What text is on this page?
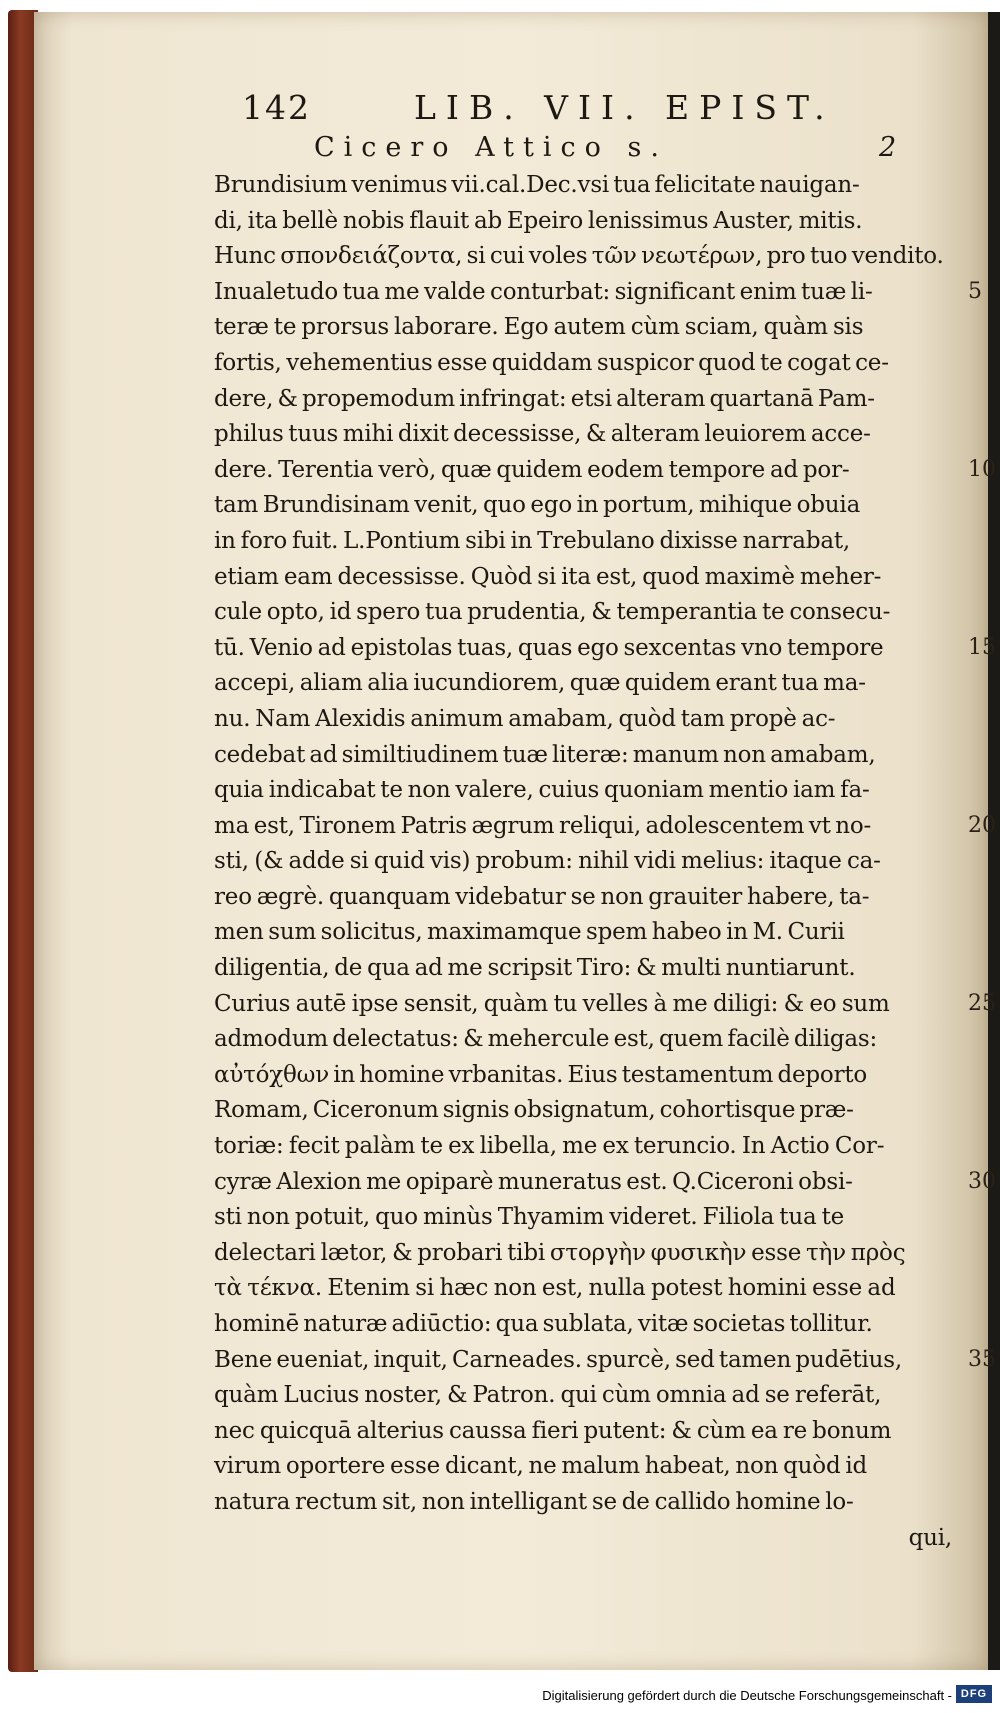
142	LIB. VII. EPIST.
Cicero Attico s.	2
Brundisium venimus vii.cal.Dec.vsi tua felicitate nauigan-
di, ita bellè nobis flauit ab Epeiro lenissimus Auster, mitis.
Hunc σπονδειάζοντα, si cui voles τῶν νεωτέρων, pro tuo vendito.
Inualetudo tua me valde conturbat: significant enim tuæ li-
teræ te prorsus laborare. Ego autem cùm sciam, quàm sis
fortis, vehementius esse quiddam suspicor quod te cogat ce-
dere, & propemodum infringat: etsi alteram quartanā Pam-
philus tuus mihi dixit decessisse, & alteram leuiorem acce-
dere. Terentia verò, quæ quidem eodem tempore ad por-
tam Brundisinam venit, quo ego in portum, mihique obuia
in foro fuit. L.Pontium sibi in Trebulano dixisse narrabat,
etiam eam decessisse. Quòd si ita est, quod maximè meher-
cule opto, id spero tua prudentia, & temperantia te consecu-
tū. Venio ad epistolas tuas, quas ego sexcentas vno tempore
accepi, aliam alia iucundiorem, quæ quidem erant tua ma-
nu. Nam Alexidis animum amabam, quòd tam propè ac-
cedebat ad similtiudinem tuæ literæ: manum non amabam,
quia indicabat te non valere, cuius quoniam mentio iam fa-
ma est, Tironem Patris ægrum reliqui, adolescentem vt no-
sti, (& adde si quid vis) probum: nihil vidi melius: itaque ca-
reo ægrè. quanquam videbatur se non grauiter habere, ta-
men sum solicitus, maximamque spem habeo in M. Curii
diligentia, de qua ad me scripsit Tiro: & multi nuntiarunt.
Curius autē ipse sensit, quàm tu velles à me diligi: & eo sum
admodum delectatus: & mehercule est, quem facilè diligas:
αὐτόχθων in homine vrbanitas. Eius testamentum deporto
Romam, Ciceronum signis obsignatum, cohortisque præ-
toriæ: fecit palàm te ex libella, me ex teruncio. In Actio Cor-
cyræ Alexion me opiparè muneratus est. Q.Ciceroni obsi-
sti non potuit, quo minùs Thyamim videret. Filiola tua te
delectari lætor, & probari tibi στοργὴν φυσικὴν esse τὴν πρὸς
τὰ τέκνα. Etenim si hæc non est, nulla potest homini esse ad
hominē naturæ adiūctio: qua sublata, vitæ societas tollitur.
Bene eueniat, inquit, Carneades. spurcè, sed tamen pudētius,
quàm Lucius noster, & Patron. qui cùm omnia ad se referāt,
nec quicquā alterius caussa fieri putent: & cùm ea re bonum
virum oportere esse dicant, ne malum habeat, non quòd id
natura rectum sit, non intelligant se de callido homine lo-
qui,
5
10
15
20
25
30
35
Digitalisierung gefördert durch die Deutsche Forschungsgemeinschaft - DFG
